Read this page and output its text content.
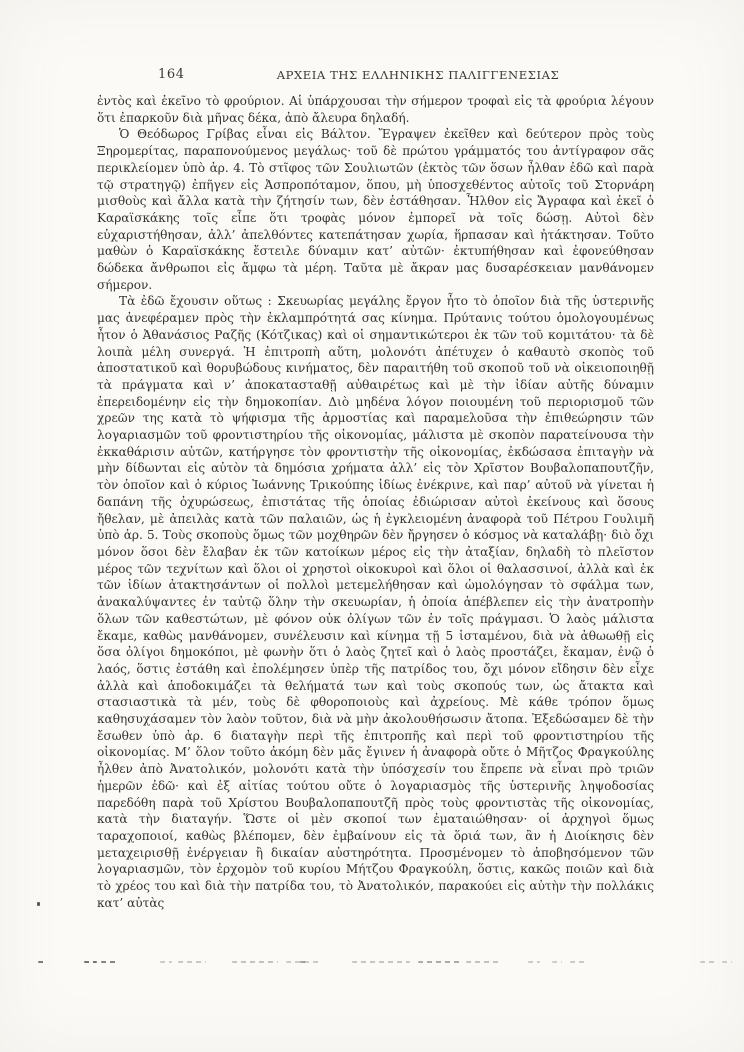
164	ΑΡΧΕΙΑ ΤΗΣ ΕΛΛΗΝΙΚΗΣ ΠΑΛΙΓΓΕΝΕΣΙΑΣ

ἐντὸς καὶ ἐκεῖνο τὸ φρούριον. Αἱ ὑπάρχουσαι τὴν σήμερον τροφαὶ εἰς τὰ φρούρια λέγουν ὅτι ἐπαρκοῦν διὰ μῆνας δέκα, ἀπὸ ἄλευρα δηλαδή.

Ὁ Θεόδωρος Γρίβας εἶναι εἰς Βάλτον. Ἔγραψεν ἐκεῖθεν καὶ δεύτερον πρὸς τοὺς Ξηρομερίτας, παραπονούμενος μεγάλως· τοῦ δὲ πρώτου γράμματός του ἀντίγραφον σᾶς περικλείομεν ὑπὸ ἀρ. 4. Τὸ στῖφος τῶν Σουλιωτῶν (ἐκτὸς τῶν ὅσων ἦλθαν ἐδῶ καὶ παρὰ τῷ στρατηγῷ) ἐπῆγεν εἰς Ἀσπροπόταμον, ὅπου, μὴ ὑποσχεθέντος αὐτοῖς τοῦ Στορνάρη μισθοὺς καὶ ἄλλα κατὰ τὴν ζήτησίν των, δὲν ἐστάθησαν. Ἦλθον εἰς Ἄγραφα καὶ ἐκεῖ ὁ Καραϊσκάκης τοῖς εἶπε ὅτι τροφὰς μόνον ἐμπορεῖ νὰ τοῖς δώσῃ. Αὐτοὶ δὲν εὐχαριστήθησαν, ἀλλ’ ἀπελθόντες κατεπάτησαν χωρία, ἥρπασαν καὶ ἠτάκτησαν. Τοῦτο μαθὼν ὁ Καραϊσκάκης ἔστειλε δύναμιν κατ’ αὐτῶν· ἐκτυπήθησαν καὶ ἐφονεύθησαν δώδεκα ἄνθρωποι εἰς ἄμφω τὰ μέρη. Ταῦτα μὲ ἄκραν μας δυσαρέσκειαν μανθάνομεν σήμερον.

Τὰ ἐδῶ ἔχουσιν οὕτως : Σκευωρίας μεγάλης ἔργον ἦτο τὸ ὁποῖον διὰ τῆς ὑστερινῆς μας ἀνεφέραμεν πρὸς τὴν ἐκλαμπρότητά σας κίνημα. Πρύτανις τούτου ὁμολογουμένως ἦτον ὁ Ἀθανάσιος Ραζῆς (Κότζικας) καὶ οἱ σημαντικώτεροι ἐκ τῶν τοῦ κομιτάτου· τὰ δὲ λοιπὰ μέλη συνεργά. Ἡ ἐπιτροπὴ αὕτη, μολονότι ἀπέτυχεν ὁ καθαυτὸ σκοπὸς τοῦ ἀποστατικοῦ καὶ θορυβώδους κινήματος, δὲν παραιτήθη τοῦ σκοποῦ τοῦ νὰ οἰκειοποιηθῇ τὰ πράγματα καὶ ν’ ἀποκατασταθῇ αὐθαιρέτως καὶ μὲ τὴν ἰδίαν αὐτῆς δύναμιν ἐπερειδομένην εἰς τὴν δημοκοπίαν. Διὸ μηδένα λόγον ποιουμένη τοῦ περιορισμοῦ τῶν χρεῶν της κατὰ τὸ ψήφισμα τῆς ἁρμοστίας καὶ παραμελοῦσα τὴν ἐπιθεώρησιν τῶν λογαριασμῶν τοῦ φροντιστηρίου τῆς οἰκονομίας, μάλιστα μὲ σκοπὸν παρατείνουσα τὴν ἐκκαθάρισιν αὐτῶν, κατήργησε τὸν φροντιστὴν τῆς οἰκονομίας, ἐκδώσασα ἐπιταγὴν νὰ μὴν δίδωνται εἰς αὐτὸν τὰ δημόσια χρήματα ἀλλ’ εἰς τὸν Χρῖστον Βουβαλοπαπουτζῆν, τὸν ὁποῖον καὶ ὁ κύριος Ἰωάννης Τρικούπης ἰδίως ἐνέκρινε, καὶ παρ’ αὐτοῦ νὰ γίνεται ἡ δαπάνη τῆς ὀχυρώσεως, ἐπιστάτας τῆς ὁποίας ἐδιώρισαν αὐτοὶ ἐκείνους καὶ ὅσους ἤθελαν, μὲ ἀπειλὰς κατὰ τῶν παλαιῶν, ὡς ἡ ἐγκλειομένη ἀναφορὰ τοῦ Πέτρου Γουλιμῆ ὑπὸ ἀρ. 5. Τοὺς σκοποὺς ὅμως τῶν μοχθηρῶν δὲν ἤργησεν ὁ κόσμος νὰ καταλάβῃ· διὸ ὄχι μόνον ὅσοι δὲν ἔλαβαν ἐκ τῶν κατοίκων μέρος εἰς τὴν ἀταξίαν, δηλαδὴ τὸ πλεῖστον μέρος τῶν τεχνίτων καὶ ὅλοι οἱ χρηστοὶ οἰκοκυροὶ καὶ ὅλοι οἱ θαλασσινοί, ἀλλὰ καὶ ἐκ τῶν ἰδίων ἀτακτησάντων οἱ πολλοὶ μετεμελήθησαν καὶ ὡμολόγησαν τὸ σφάλμα των, ἀνακαλύψαντες ἐν ταὐτῷ ὅλην τὴν σκευωρίαν, ἡ ὁποία ἀπέβλεπεν εἰς τὴν ἀνατροπὴν ὅλων τῶν καθεστώτων, μὲ φόνον οὐκ ὀλίγων τῶν ἐν τοῖς πράγμασι. Ὁ λαὸς μάλιστα ἔκαμε, καθὼς μανθάνομεν, συνέλευσιν καὶ κίνημα τῇ 5 ἱσταμένου, διὰ νὰ ἀθωωθῇ εἰς ὅσα ὀλίγοι δημοκόποι, μὲ φωνὴν ὅτι ὁ λαὸς ζητεῖ καὶ ὁ λαὸς προστάζει, ἔκαμαν, ἐνῷ ὁ λαός, ὅστις ἐστάθη καὶ ἐπολέμησεν ὑπὲρ τῆς πατρίδος του, ὄχι μόνον εἴδησιν δὲν εἶχε ἀλλὰ καὶ ἀποδοκιμάζει τὰ θελήματά των καὶ τοὺς σκοπούς των, ὡς ἄτακτα καὶ στασιαστικὰ τὰ μέν, τοὺς δὲ φθοροποιοὺς καὶ ἀχρείους. Μὲ κάθε τρόπον ὅμως καθησυχάσαμεν τὸν λαὸν τοῦτον, διὰ νὰ μὴν ἀκολουθήσωσιν ἄτοπα. Ἐξεδώσαμεν δὲ τὴν ἔσωθεν ὑπὸ ἀρ. 6 διαταγὴν περὶ τῆς ἐπιτροπῆς καὶ περὶ τοῦ φροντιστηρίου τῆς οἰκονομίας. Μ’ ὅλον τοῦτο ἀκόμη δὲν μᾶς ἔγινεν ἡ ἀναφορὰ οὔτε ὁ Μῆτζος Φραγκούλης ἦλθεν ἀπὸ Ἀνατολικόν, μολονότι κατὰ τὴν ὑπόσχεσίν του ἔπρεπε νὰ εἶναι πρὸ τριῶν ἡμερῶν ἐδῶ· καὶ ἐξ αἰτίας τούτου οὔτε ὁ λογαριασμὸς τῆς ὑστερινῆς ληψοδοσίας παρεδόθη παρὰ τοῦ Χρίστου Βουβαλοπαπουτζῆ πρὸς τοὺς φροντιστὰς τῆς οἰκονομίας, κατὰ τὴν διαταγήν. Ὥστε οἱ μὲν σκοποί των ἐματαιώθησαν· οἱ ἀρχηγοὶ ὅμως ταραχοποιοί, καθὼς βλέπομεν, δὲν ἐμβαίνουν εἰς τὰ ὅριά των, ἂν ἡ Διοίκησις δὲν μεταχειρισθῇ ἐνέργειαν ἢ δικαίαν αὐστηρότητα. Προσμένομεν τὸ ἀποβησόμενον τῶν λογαριασμῶν, τὸν ἐρχομὸν τοῦ κυρίου Μήτζου Φραγκούλη, ὅστις, κακῶς ποιῶν καὶ διὰ τὸ χρέος του καὶ διὰ τὴν πατρίδα του, τὸ Ἀνατολικόν, παρακούει εἰς αὐτὴν τὴν πολλάκις κατ’ αὐτὰς
